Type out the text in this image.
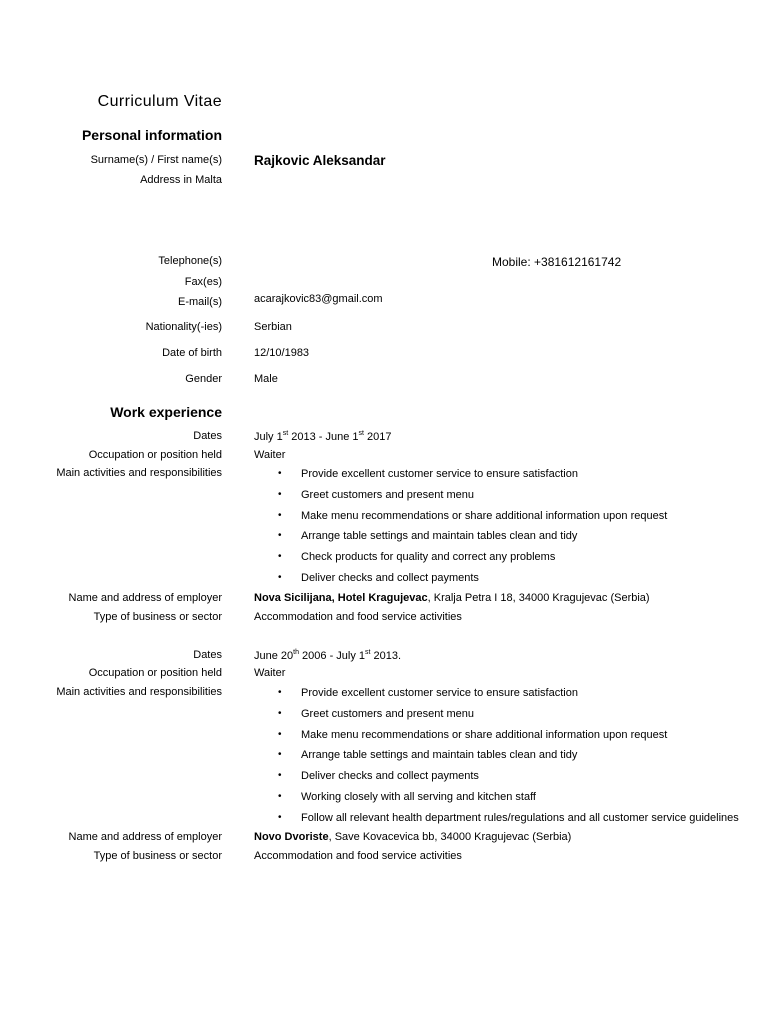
Curriculum Vitae
Personal information
Surname(s) / First name(s) Rajkovic Aleksandar
Address in Malta
Telephone(s)	Mobile: +381612161742
Fax(es)
E-mail(s)	acarajkovic83@gmail.com
Nationality(-ies)	Serbian
Date of birth	12/10/1983
Gender	Male
Work experience
Dates	July 1st 2013 - June 1st 2017
Occupation or position held	Waiter
Main activities and responsibilities	• Provide excellent customer service to ensure satisfaction
• Greet customers and present menu
• Make menu recommendations or share additional information upon request
• Arrange table settings and maintain tables clean and tidy
• Check products for quality and correct any problems
• Deliver checks and collect payments
Name and address of employer	Nova Sicilijana, Hotel Kragujevac, Kralja Petra I 18, 34000 Kragujevac (Serbia)
Type of business or sector	Accommodation and food service activities
Dates	June 20th 2006 - July 1st 2013.
Occupation or position held	Waiter
Main activities and responsibilities	• Provide excellent customer service to ensure satisfaction
• Greet customers and present menu
• Make menu recommendations or share additional information upon request
• Arrange table settings and maintain tables clean and tidy
• Deliver checks and collect payments
• Working closely with all serving and kitchen staff
• Follow all relevant health department rules/regulations and all customer service guidelines
Name and address of employer	Novo Dvoriste, Save Kovacevica bb, 34000 Kragujevac (Serbia)
Type of business or sector	Accommodation and food service activities
